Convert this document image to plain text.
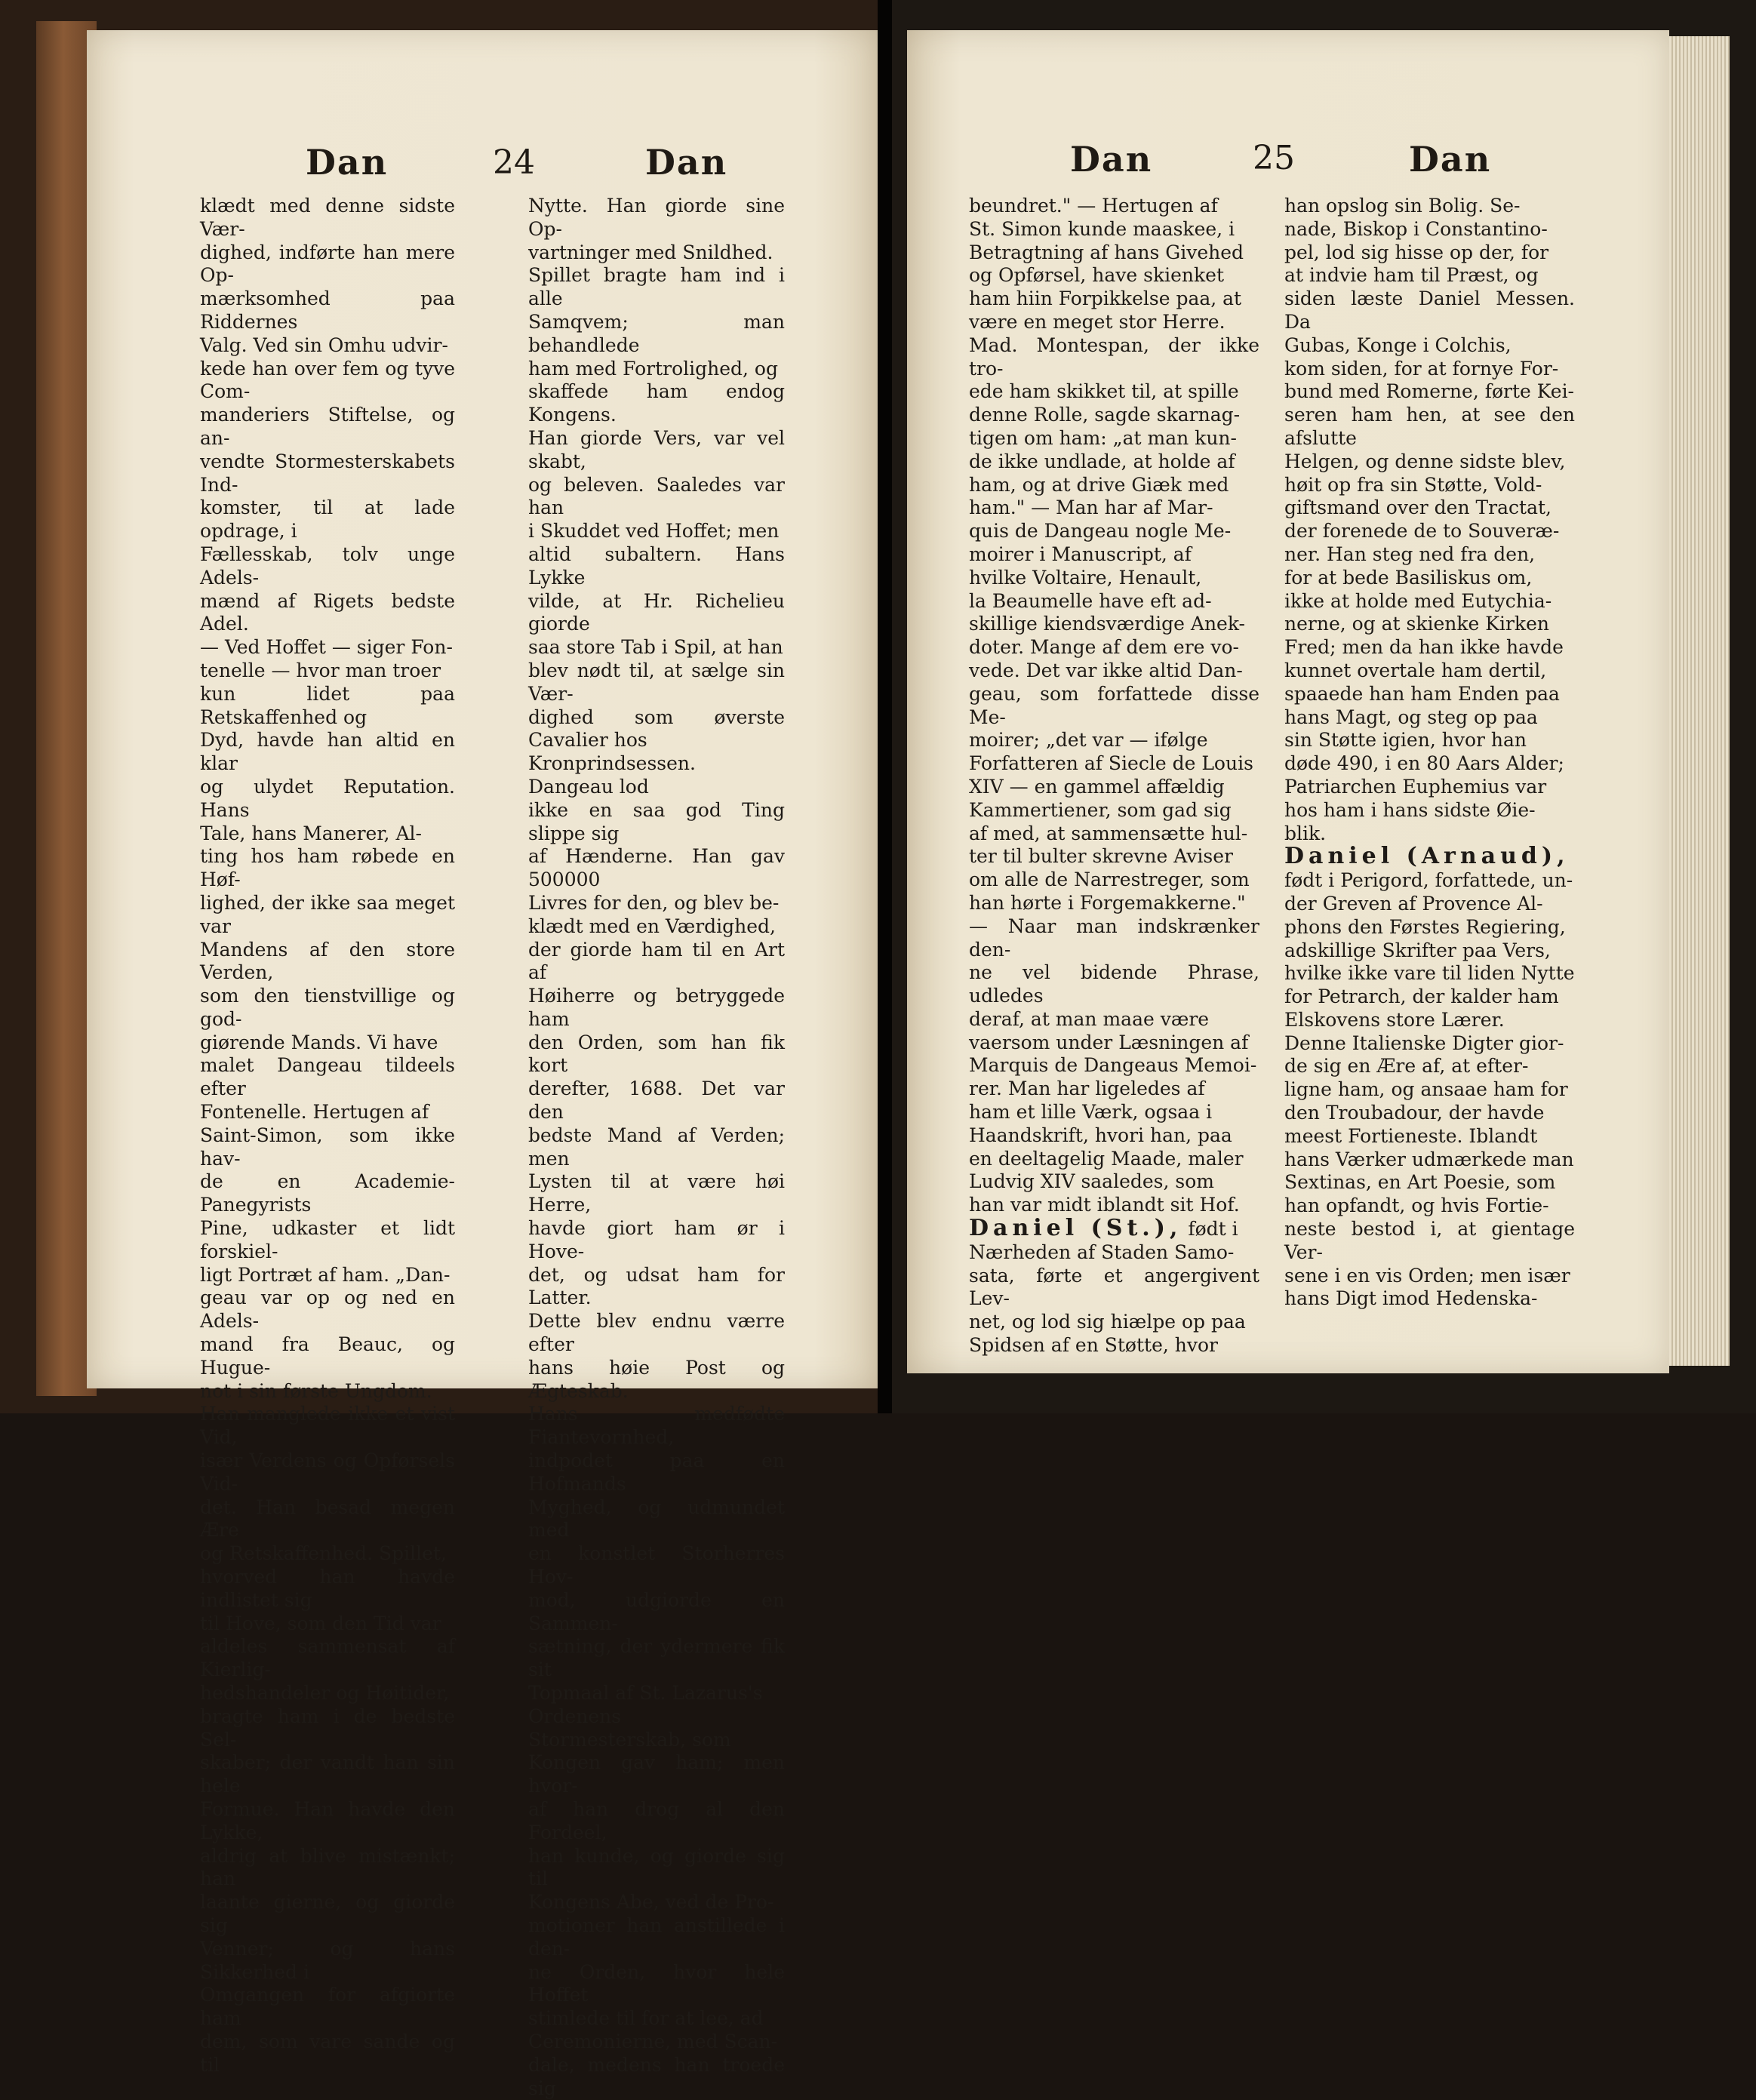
Dan	24	Dan

klædt med denne sidste Vær-

dighed, indførte han mere Op-

mærksomhed paa Riddernes

Valg. Ved sin Omhu udvir-

kede han over fem og tyve Com-

manderiers Stiftelse, og an-

vendte Stormesterskabets Ind-

komster, til at lade opdrage, i

Fællesskab, tolv unge Adels-

mænd af Rigets bedste Adel.

— Ved Hoffet — siger Fon-

tenelle — hvor man troer

kun lidet paa Retskaffenhed og

Dyd, havde han altid en klar

og ulydet Reputation. Hans

Tale, hans Manerer, Al-

ting hos ham røbede en Høf-

lighed, der ikke saa meget var

Mandens af den store Verden,

som den tienstvillige og god-

giørende Mands. Vi have

malet Dangeau tildeels efter

Fontenelle. Hertugen af

Saint-Simon, som ikke hav-

de en Academie-Panegyrists

Pine, udkaster et lidt forskiel-

ligt Portræt af ham. „Dan-

geau var op og ned en Adels-

mand fra Beauc, og Hugue-

not i sin første Ungdom.

Han manglede ikke et vist Vid,

især Verdens og Opførsels Vid-

det. Han besad megen Ære

og Retskaffenhed. Spillet,

hvorved han havde indlistet sig

til Hove, som den Tid var

aldeles sammensat af Kierlig-

hedshandeler og Høitider,

bragte ham i de bedste Sel-

skaber; der vandt han sin hele

Formue. Han havde den Lykke,

aldrig at blive mistænkt; han

laante gierne, og giorde sig

Venner; og hans Sikkerhed i

Omgangen for afgiorte ham

dem, som vare sande og til

Nytte. Han giorde sine Op-

vartninger med Snildhed.

Spillet bragte ham ind i alle

Samqvem; man behandlede

ham med Fortrolighed, og

skaffede ham endog Kongens.

Han giorde Vers, var vel skabt,

og beleven. Saaledes var han

i Skuddet ved Hoffet; men

altid subaltern. Hans Lykke

vilde, at Hr. Richelieu giorde

saa store Tab i Spil, at han

blev nødt til, at sælge sin Vær-

dighed som øverste Cavalier hos

Kronprindsessen. Dangeau lod

ikke en saa god Ting slippe sig

af Hænderne. Han gav 500000

Livres for den, og blev be-

klædt med en Værdighed,

der giorde ham til en Art af

Høiherre og betryggede ham

den Orden, som han fik kort

derefter, 1688. Det var den

bedste Mand af Verden; men

Lysten til at være høi Herre,

havde giort ham ør i Hove-

det, og udsat ham for Latter.

Dette blev endnu værre efter

hans høie Post og Ægteskab.

Hans medfødte Fiantevornhed,

indpodet paa en Hofmands

Myghed, og udmundet med

en konstlet Storherres Hov-

mod, udgiorde en Sammen-

sætning, der ydermere fik sit

Topmaal af St. Lazarus's

Ordenens Stormesterskab, som

Kongen gav ham; men hvor-

af han drog al den Fordeel,

han kunde, og giorde sig til

Kongens Abe, ved de Pro-

motioner han anstillede i den-

ne Orden, hvor hele Hoffet

stimlede til for at lee, ad

Ceremonierne, med Scan-

dale, medens han troede sig

Dan	25	Dan

beundret." — Hertugen af

St. Simon kunde maaskee, i

Betragtning af hans Givehed

og Opførsel, have skienket

ham hiin Forpikkelse paa, at

være en meget stor Herre.

Mad. Montespan, der ikke tro-

ede ham skikket til, at spille

denne Rolle, sagde skarnag-

tigen om ham: „at man kun-

de ikke undlade, at holde af

ham, og at drive Giæk med

ham." — Man har af Mar-

quis de Dangeau nogle Me-

moirer i Manuscript, af

hvilke Voltaire, Henault,

la Beaumelle have eft ad-

skillige kiendsværdige Anek-

doter. Mange af dem ere vo-

vede. Det var ikke altid Dan-

geau, som forfattede disse Me-

moirer; „det var — ifølge

Forfatteren af Siecle de Louis

XIV — en gammel affældig

Kammertiener, som gad sig

af med, at sammensætte hul-

ter til bulter skrevne Aviser

om alle de Narrestreger, som

han hørte i Forgemakkerne."

— Naar man indskrænker den-

ne vel bidende Phrase, udledes

deraf, at man maae være

vaersom under Læsningen af

Marquis de Dangeaus Memoi-

rer. Man har ligeledes af

ham et lille Værk, ogsaa i

Haandskrift, hvori han, paa

en deeltagelig Maade, maler

Ludvig XIV saaledes, som

han var midt iblandt sit Hof.

Daniel (St.), født i

Nærheden af Staden Samo-

sata, førte et angergivent Lev-

net, og lod sig hiælpe op paa

Spidsen af en Støtte, hvor

han opslog sin Bolig. Se-

nade, Biskop i Constantino-

pel, lod sig hisse op der, for

at indvie ham til Præst, og

siden læste Daniel Messen. Da

Gubas, Konge i Colchis,

kom siden, for at fornye For-

bund med Romerne, førte Kei-

seren ham hen, at see den afslutte

Helgen, og denne sidste blev,

høit op fra sin Støtte, Vold-

giftsmand over den Tractat,

der forenede de to Souveræ-

ner. Han steg ned fra den,

for at bede Basiliskus om,

ikke at holde med Eutychia-

nerne, og at skienke Kirken

Fred; men da han ikke havde

kunnet overtale ham dertil,

spaaede han ham Enden paa

hans Magt, og steg op paa

sin Støtte igien, hvor han

døde 490, i en 80 Aars Alder;

Patriarchen Euphemius var

hos ham i hans sidste Øie-

blik.

Daniel (Arnaud),

født i Perigord, forfattede, un-

der Greven af Provence Al-

phons den Førstes Regiering,

adskillige Skrifter paa Vers,

hvilke ikke vare til liden Nytte

for Petrarch, der kalder ham

Elskovens store Lærer.

Denne Italienske Digter gior-

de sig en Ære af, at efter-

ligne ham, og ansaae ham for

den Troubadour, der havde

meest Fortieneste. Iblandt

hans Værker udmærkede man

Sextinas, en Art Poesie, som

han opfandt, og hvis Fortie-

neste bestod i, at gientage Ver-

sene i en vis Orden; men især

hans Digt imod Hedenska-
